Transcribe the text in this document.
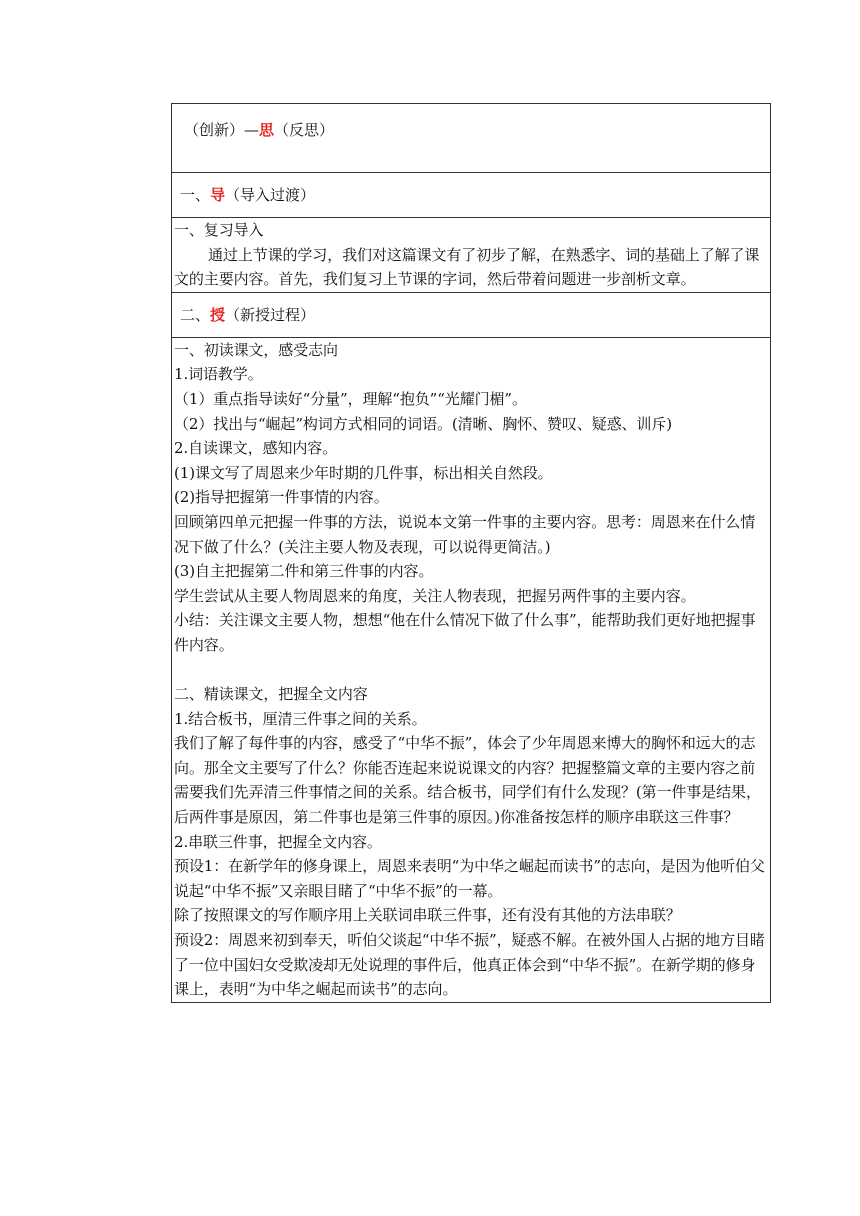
（创新）—思（反思）

一、导（导入过渡）

一、复习导入

通过上节课的学习，我们对这篇课文有了初步了解，在熟悉字、词的基础上了解了课文的主要内容。首先，我们复习上节课的字词，然后带着问题进一步剖析文章。

二、授（新授过程）

一、初读课文，感受志向

1.词语教学。

（1）重点指导读好“分量”，理解“抱负”“光耀门楣”。

（2）找出与“崛起”构词方式相同的词语。(清晰、胸怀、赞叹、疑惑、训斥)

2.自读课文，感知内容。

(1)课文写了周恩来少年时期的几件事，标出相关自然段。

(2)指导把握第一件事情的内容。

回顾第四单元把握一件事的方法，说说本文第一件事的主要内容。思考：周恩来在什么情况下做了什么？(关注主要人物及表现，可以说得更简洁。)

(3)自主把握第二件和第三件事的内容。

学生尝试从主要人物周恩来的角度，关注人物表现，把握另两件事的主要内容。

小结：关注课文主要人物，想想“他在什么情况下做了什么事”，能帮助我们更好地把握事件内容。

二、精读课文，把握全文内容

1.结合板书，厘清三件事之间的关系。

我们了解了每件事的内容，感受了“中华不振”，体会了少年周恩来博大的胸怀和远大的志向。那全文主要写了什么？你能否连起来说说课文的内容？把握整篇文章的主要内容之前需要我们先弄清三件事情之间的关系。结合板书，同学们有什么发现？(第一件事是结果，后两件事是原因，第二件事也是第三件事的原因。)你准备按怎样的顺序串联这三件事？

2.串联三件事，把握全文内容。

预设1：在新学年的修身课上，周恩来表明“为中华之崛起而读书”的志向，是因为他听伯父说起“中华不振”又亲眼目睹了“中华不振”的一幕。

除了按照课文的写作顺序用上关联词串联三件事，还有没有其他的方法串联？

预设2：周恩来初到奉天，听伯父谈起“中华不振”，疑惑不解。在被外国人占据的地方目睹了一位中国妇女受欺凌却无处说理的事件后，他真正体会到“中华不振”。在新学期的修身课上，表明“为中华之崛起而读书”的志向。
